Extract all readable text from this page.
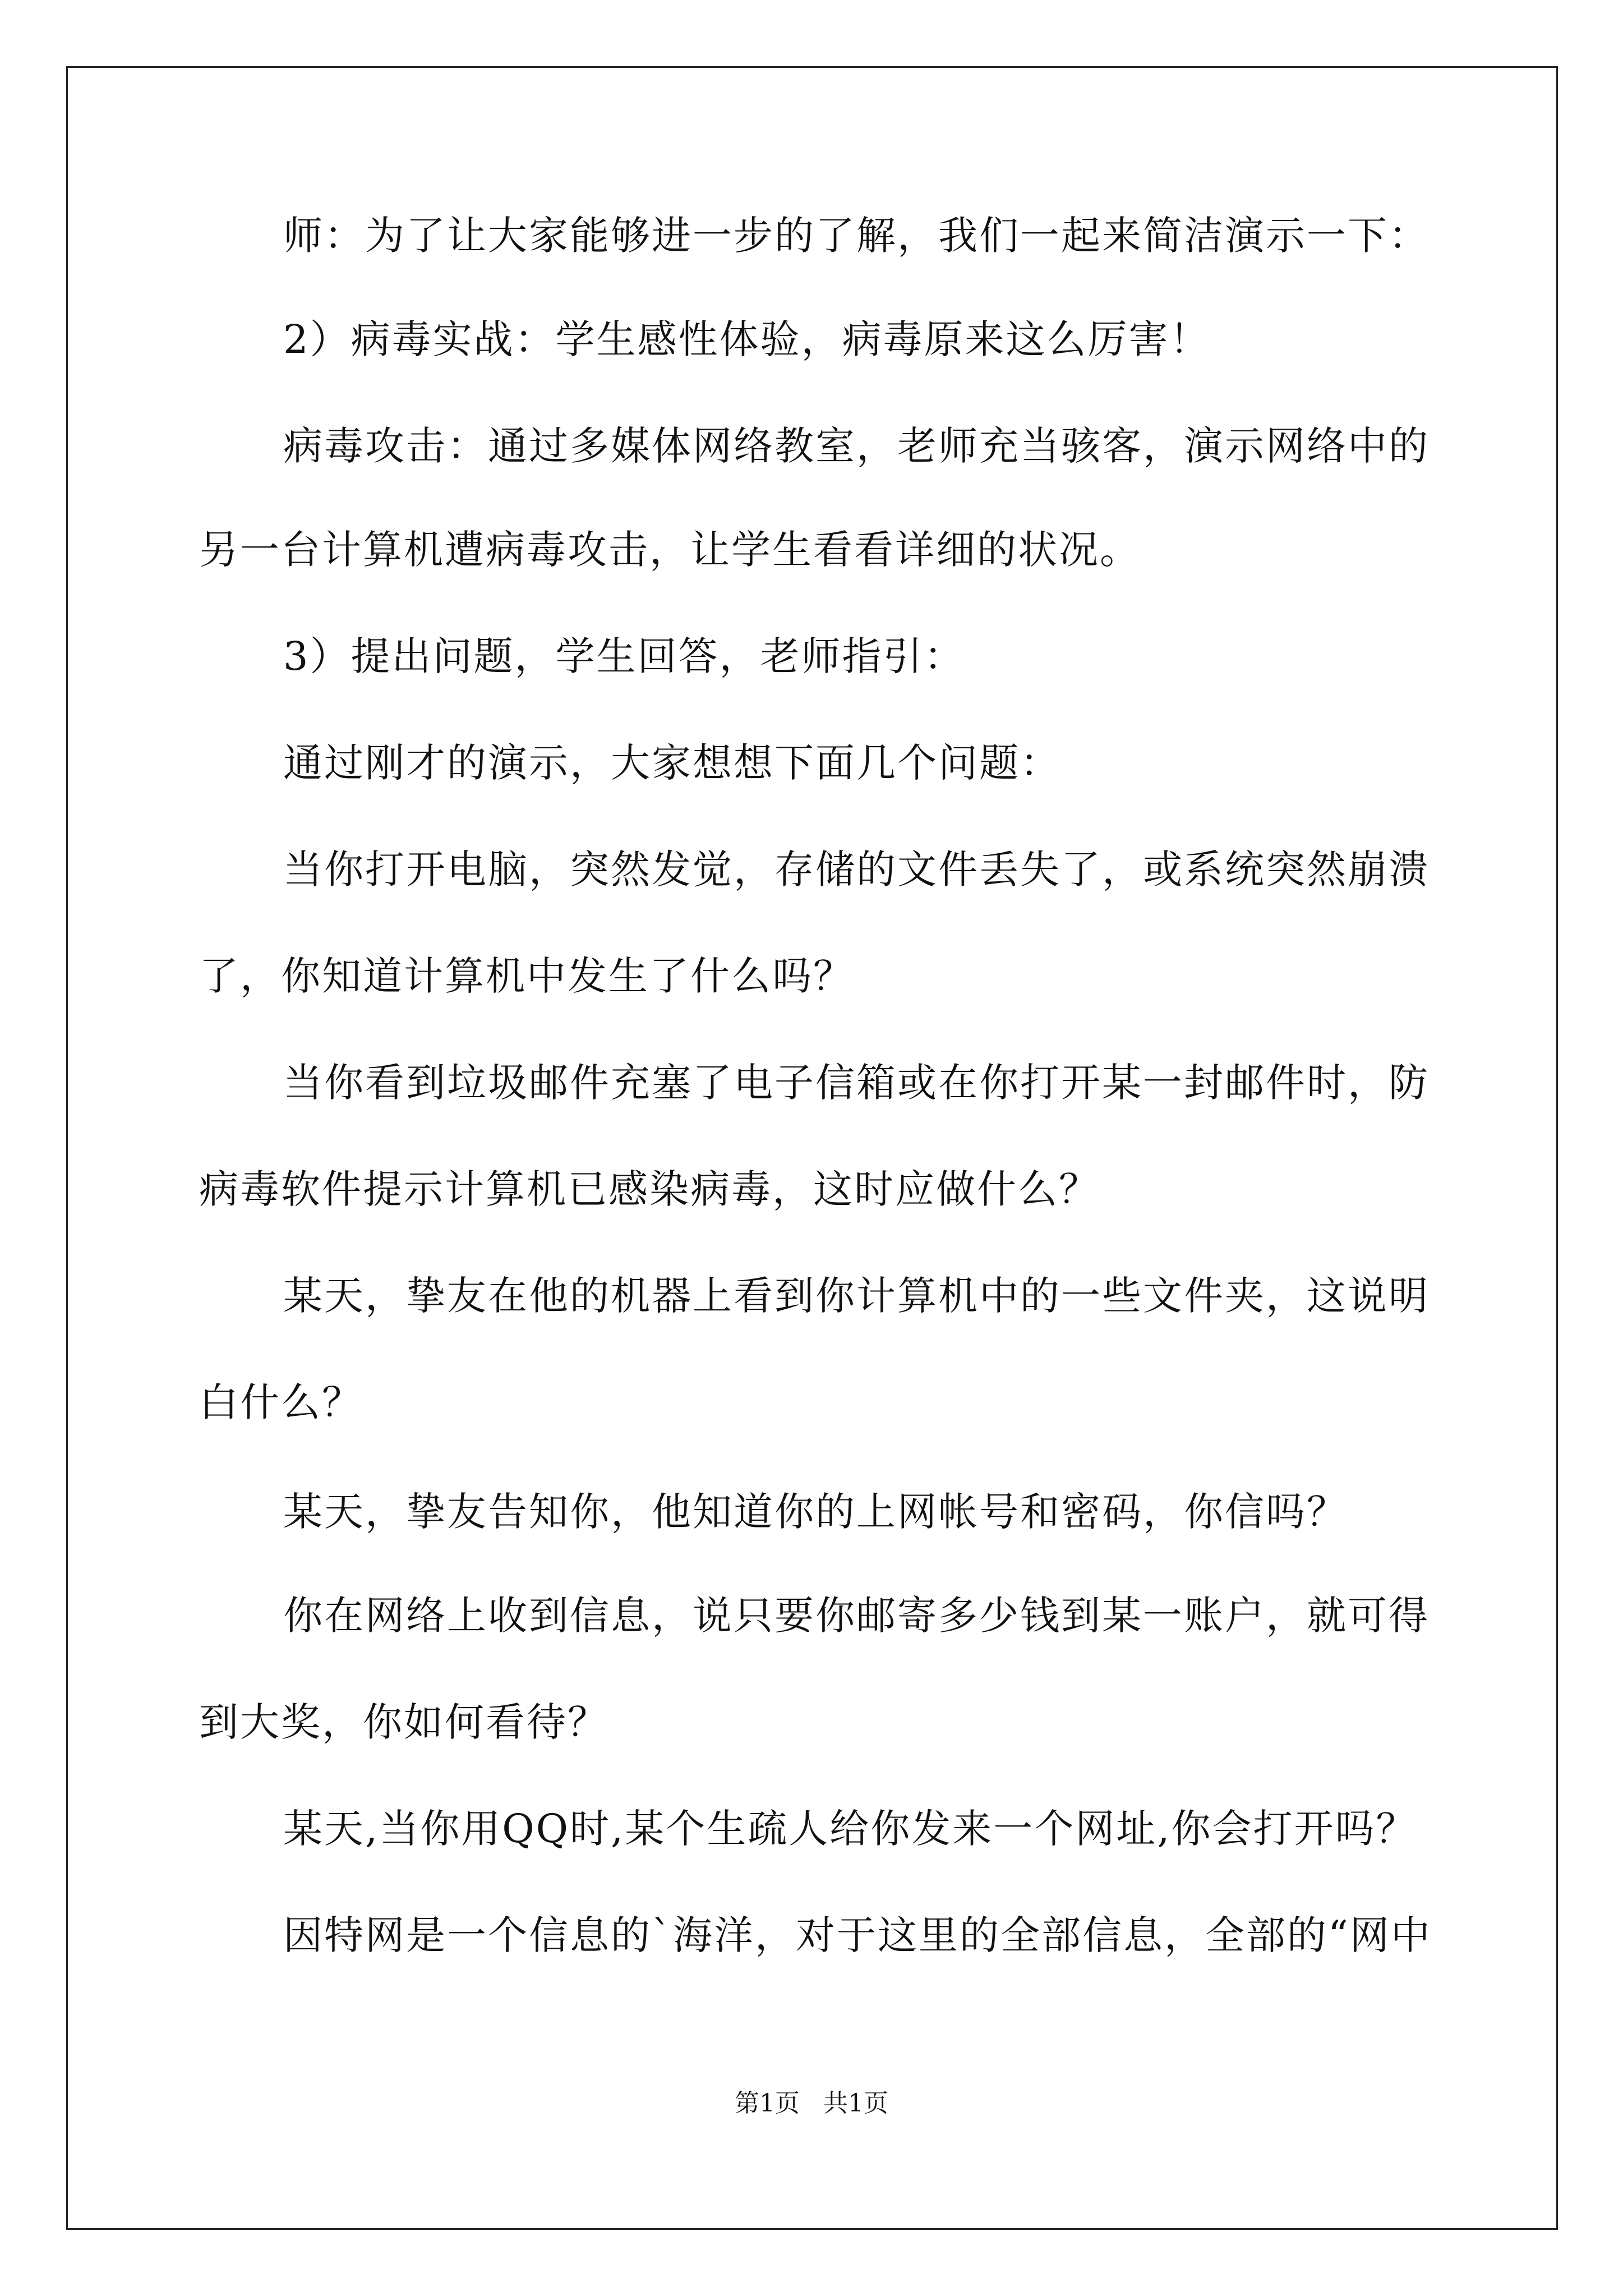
师：为了让大家能够进一步的了解，我们一起来简洁演示一下：
2）病毒实战：学生感性体验，病毒原来这么厉害！
病毒攻击：通过多媒体网络教室，老师充当骇客，演示网络中的
另一台计算机遭病毒攻击，让学生看看详细的状况。
3）提出问题，学生回答，老师指引：
通过刚才的演示，大家想想下面几个问题：
当你打开电脑，突然发觉，存储的文件丢失了，或系统突然崩溃
了，你知道计算机中发生了什么吗？
当你看到垃圾邮件充塞了电子信箱或在你打开某一封邮件时，防
病毒软件提示计算机已感染病毒，这时应做什么？
某天，挚友在他的机器上看到你计算机中的一些文件夹，这说明
白什么？
某天，挚友告知你，他知道你的上网帐号和密码，你信吗？
你在网络上收到信息，说只要你邮寄多少钱到某一账户，就可得
到大奖，你如何看待？
某天,当你用QQ时,某个生疏人给你发来一个网址,你会打开吗？
因特网是一个信息的`海洋，对于这里的全部信息，全部的“网中
第1页   共1页
